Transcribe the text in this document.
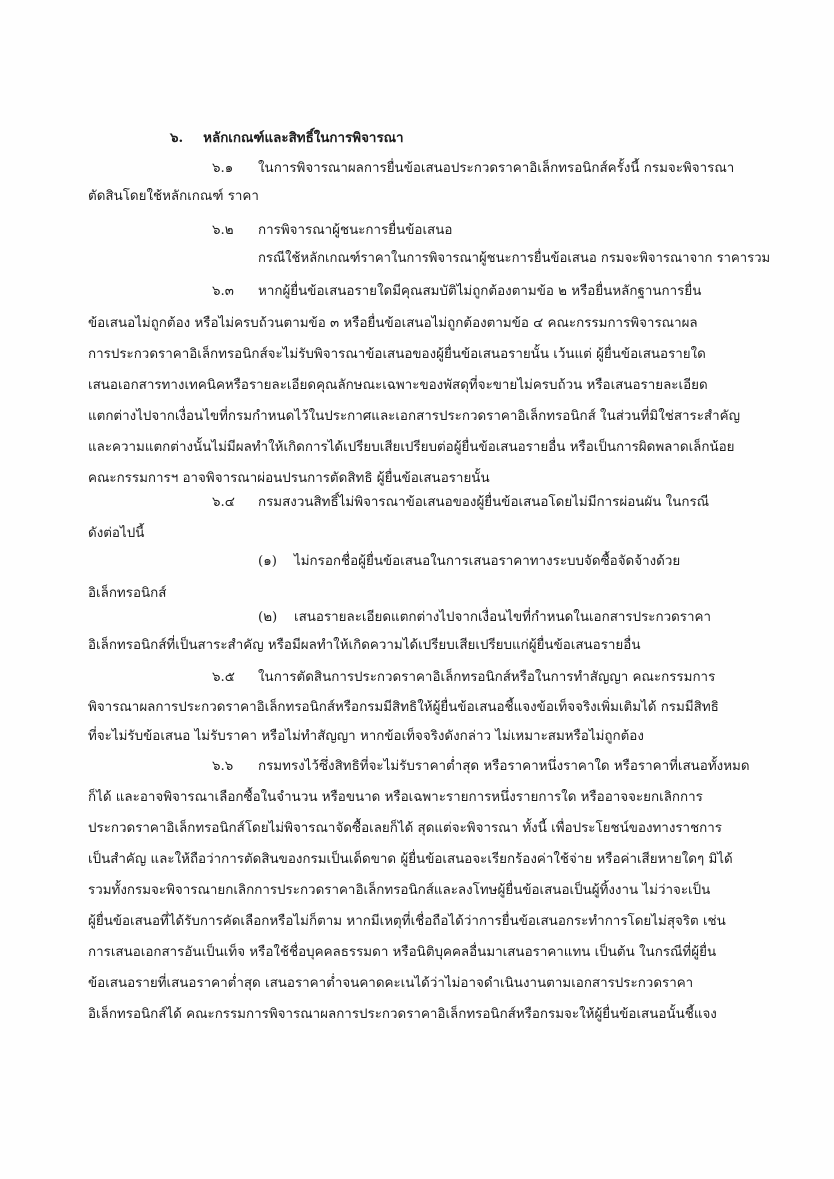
๖. หลักเกณฑ์และสิทธิ์ในการพิจารณา
๖.๑ ในการพิจารณาผลการยื่นข้อเสนอประกวดราคาอิเล็กทรอนิกส์ครั้งนี้ กรมจะพิจารณา
ตัดสินโดยใช้หลักเกณฑ์ ราคา
๖.๒ การพิจารณาผู้ชนะการยื่นข้อเสนอ
กรณีใช้หลักเกณฑ์ราคาในการพิจารณาผู้ชนะการยื่นข้อเสนอ กรมจะพิจารณาจาก ราคารวม
๖.๓ หากผู้ยื่นข้อเสนอรายใดมีคุณสมบัติไม่ถูกต้องตามข้อ ๒ หรือยื่นหลักฐานการยื่น
ข้อเสนอไม่ถูกต้อง หรือไม่ครบถ้วนตามข้อ ๓ หรือยื่นข้อเสนอไม่ถูกต้องตามข้อ ๔ คณะกรรมการพิจารณาผล
การประกวดราคาอิเล็กทรอนิกส์จะไม่รับพิจารณาข้อเสนอของผู้ยื่นข้อเสนอรายนั้น เว้นแต่ ผู้ยื่นข้อเสนอรายใด
เสนอเอกสารทางเทคนิคหรือรายละเอียดคุณลักษณะเฉพาะของพัสดุที่จะขายไม่ครบถ้วน หรือเสนอรายละเอียด
แตกต่างไปจากเงื่อนไขที่กรมกำหนดไว้ในประกาศและเอกสารประกวดราคาอิเล็กทรอนิกส์ ในส่วนที่มิใช่สาระสำคัญ
และความแตกต่างนั้นไม่มีผลทำให้เกิดการได้เปรียบเสียเปรียบต่อผู้ยื่นข้อเสนอรายอื่น หรือเป็นการผิดพลาดเล็กน้อย
คณะกรรมการฯ อาจพิจารณาผ่อนปรนการตัดสิทธิ ผู้ยื่นข้อเสนอรายนั้น
๖.๔ กรมสงวนสิทธิ์ไม่พิจารณาข้อเสนอของผู้ยื่นข้อเสนอโดยไม่มีการผ่อนผัน ในกรณี
ดังต่อไปนี้
(๑) ไม่กรอกชื่อผู้ยื่นข้อเสนอในการเสนอราคาทางระบบจัดซื้อจัดจ้างด้วย
อิเล็กทรอนิกส์
(๒) เสนอรายละเอียดแตกต่างไปจากเงื่อนไขที่กำหนดในเอกสารประกวดราคา
อิเล็กทรอนิกส์ที่เป็นสาระสำคัญ หรือมีผลทำให้เกิดความได้เปรียบเสียเปรียบแก่ผู้ยื่นข้อเสนอรายอื่น
๖.๕ ในการตัดสินการประกวดราคาอิเล็กทรอนิกส์หรือในการทำสัญญา คณะกรรมการ
พิจารณาผลการประกวดราคาอิเล็กทรอนิกส์หรือกรมมีสิทธิให้ผู้ยื่นข้อเสนอชี้แจงข้อเท็จจริงเพิ่มเติมได้ กรมมีสิทธิ
ที่จะไม่รับข้อเสนอ ไม่รับราคา หรือไม่ทำสัญญา หากข้อเท็จจริงดังกล่าว ไม่เหมาะสมหรือไม่ถูกต้อง
๖.๖ กรมทรงไว้ซึ่งสิทธิที่จะไม่รับราคาต่ำสุด หรือราคาหนึ่งราคาใด หรือราคาที่เสนอทั้งหมด
ก็ได้ และอาจพิจารณาเลือกซื้อในจำนวน หรือขนาด หรือเฉพาะรายการหนึ่งรายการใด หรืออาจจะยกเลิกการ
ประกวดราคาอิเล็กทรอนิกส์โดยไม่พิจารณาจัดซื้อเลยก็ได้ สุดแต่จะพิจารณา ทั้งนี้ เพื่อประโยชน์ของทางราชการ
เป็นสำคัญ และให้ถือว่าการตัดสินของกรมเป็นเด็ดขาด ผู้ยื่นข้อเสนอจะเรียกร้องค่าใช้จ่าย หรือค่าเสียหายใดๆ มิได้
รวมทั้งกรมจะพิจารณายกเลิกการประกวดราคาอิเล็กทรอนิกส์และลงโทษผู้ยื่นข้อเสนอเป็นผู้ทิ้งงาน ไม่ว่าจะเป็น
ผู้ยื่นข้อเสนอที่ได้รับการคัดเลือกหรือไม่ก็ตาม หากมีเหตุที่เชื่อถือได้ว่าการยื่นข้อเสนอกระทำการโดยไม่สุจริต เช่น
การเสนอเอกสารอันเป็นเท็จ หรือใช้ชื่อบุคคลธรรมดา หรือนิติบุคคลอื่นมาเสนอราคาแทน เป็นต้น ในกรณีที่ผู้ยื่น
ข้อเสนอรายที่เสนอราคาต่ำสุด เสนอราคาต่ำจนคาดคะเนได้ว่าไม่อาจดำเนินงานตามเอกสารประกวดราคา
อิเล็กทรอนิกส์ได้ คณะกรรมการพิจารณาผลการประกวดราคาอิเล็กทรอนิกส์หรือกรมจะให้ผู้ยื่นข้อเสนอนั้นชี้แจง
